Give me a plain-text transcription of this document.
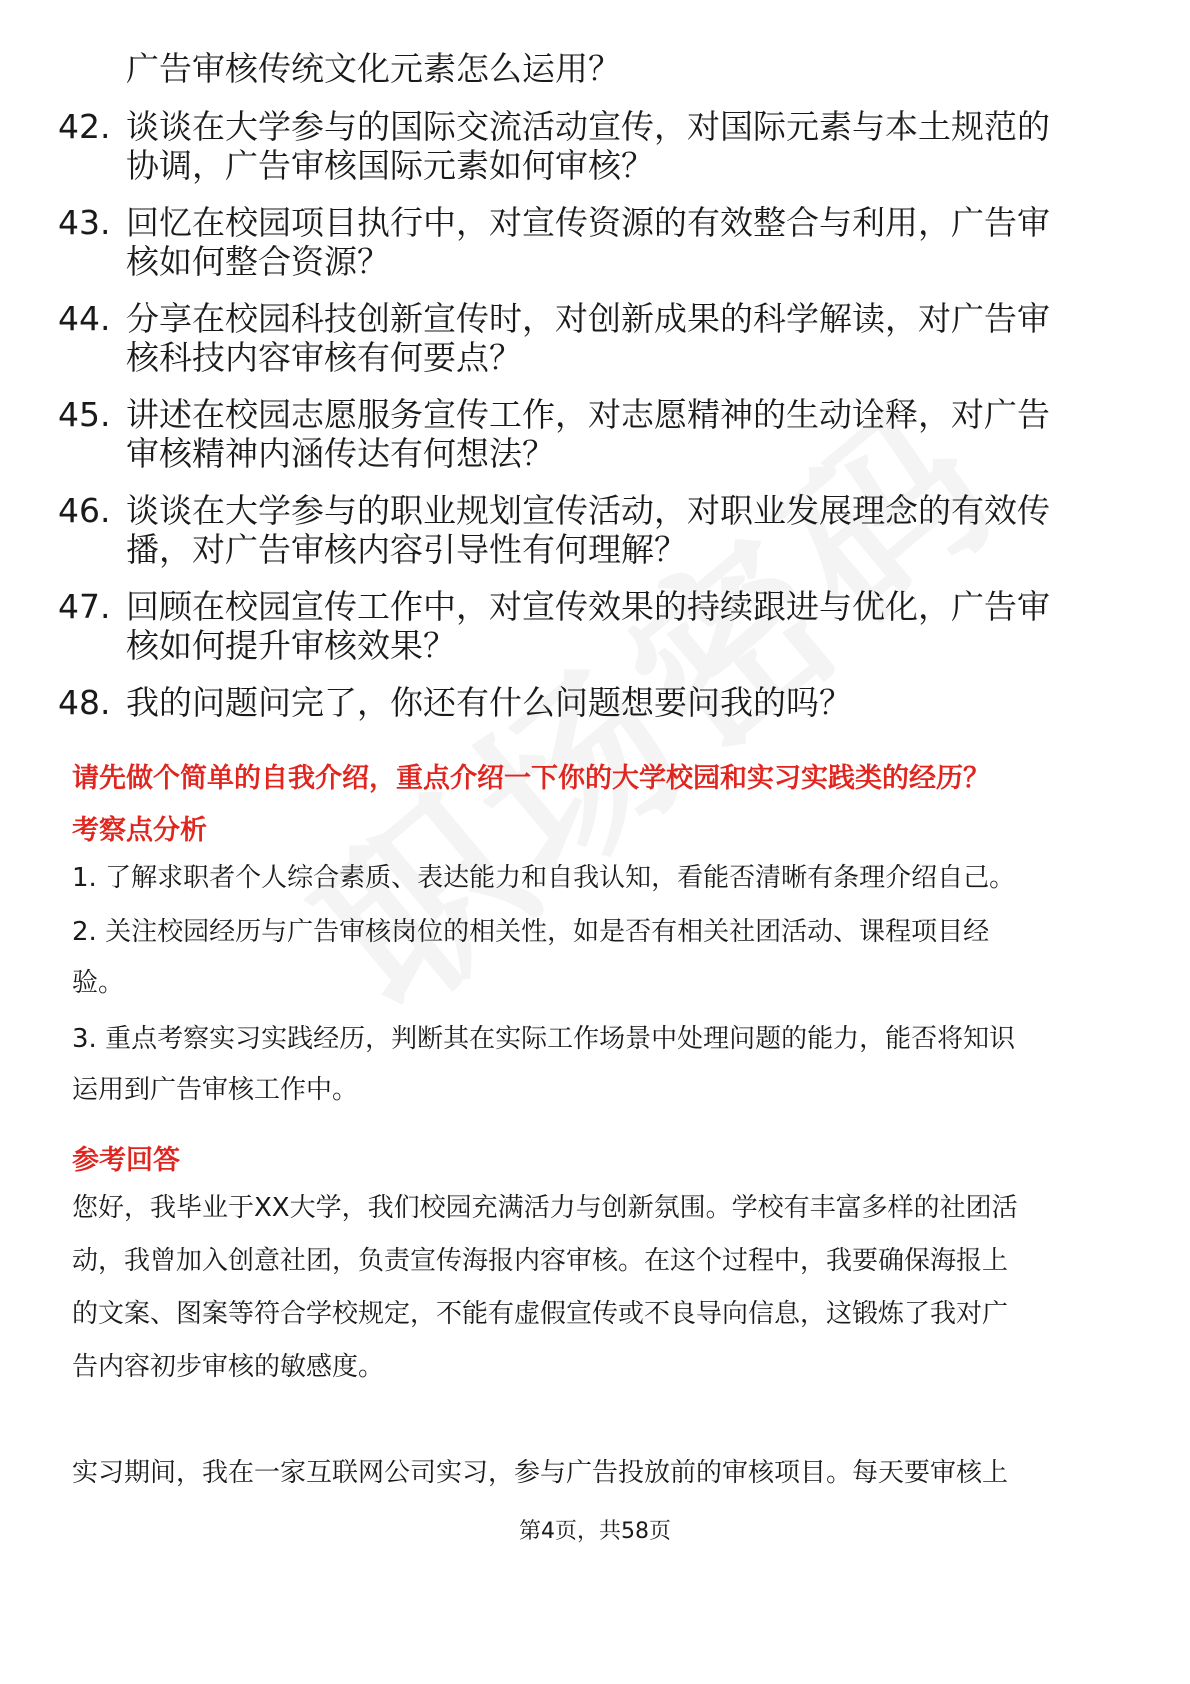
广告审核传统文化元素怎么运用？
42. 谈谈在大学参与的国际交流活动宣传，对国际元素与本土规范的
协调，广告审核国际元素如何审核？
43. 回忆在校园项目执行中，对宣传资源的有效整合与利用，广告审
核如何整合资源？
44. 分享在校园科技创新宣传时，对创新成果的科学解读，对广告审
核科技内容审核有何要点？
45. 讲述在校园志愿服务宣传工作，对志愿精神的生动诠释，对广告
审核精神内涵传达有何想法？
46. 谈谈在大学参与的职业规划宣传活动，对职业发展理念的有效传
播，对广告审核内容引导性有何理解？
47. 回顾在校园宣传工作中，对宣传效果的持续跟进与优化，广告审
核如何提升审核效果？
48. 我的问题问完了，你还有什么问题想要问我的吗？
请先做个简单的自我介绍，重点介绍一下你的大学校园和实习实践类的经历？
考察点分析
1. 了解求职者个人综合素质、表达能力和自我认知，看能否清晰有条理介绍自己。
2. 关注校园经历与广告审核岗位的相关性，如是否有相关社团活动、课程项目经
验。
3. 重点考察实习实践经历，判断其在实际工作场景中处理问题的能力，能否将知识
运用到广告审核工作中。
参考回答
您好，我毕业于XX大学，我们校园充满活力与创新氛围。学校有丰富多样的社团活
动，我曾加入创意社团，负责宣传海报内容审核。在这个过程中，我要确保海报上
的文案、图案等符合学校规定，不能有虚假宣传或不良导向信息，这锻炼了我对广
告内容初步审核的敏感度。
实习期间，我在一家互联网公司实习，参与广告投放前的审核项目。每天要审核上
第4页，共58页
